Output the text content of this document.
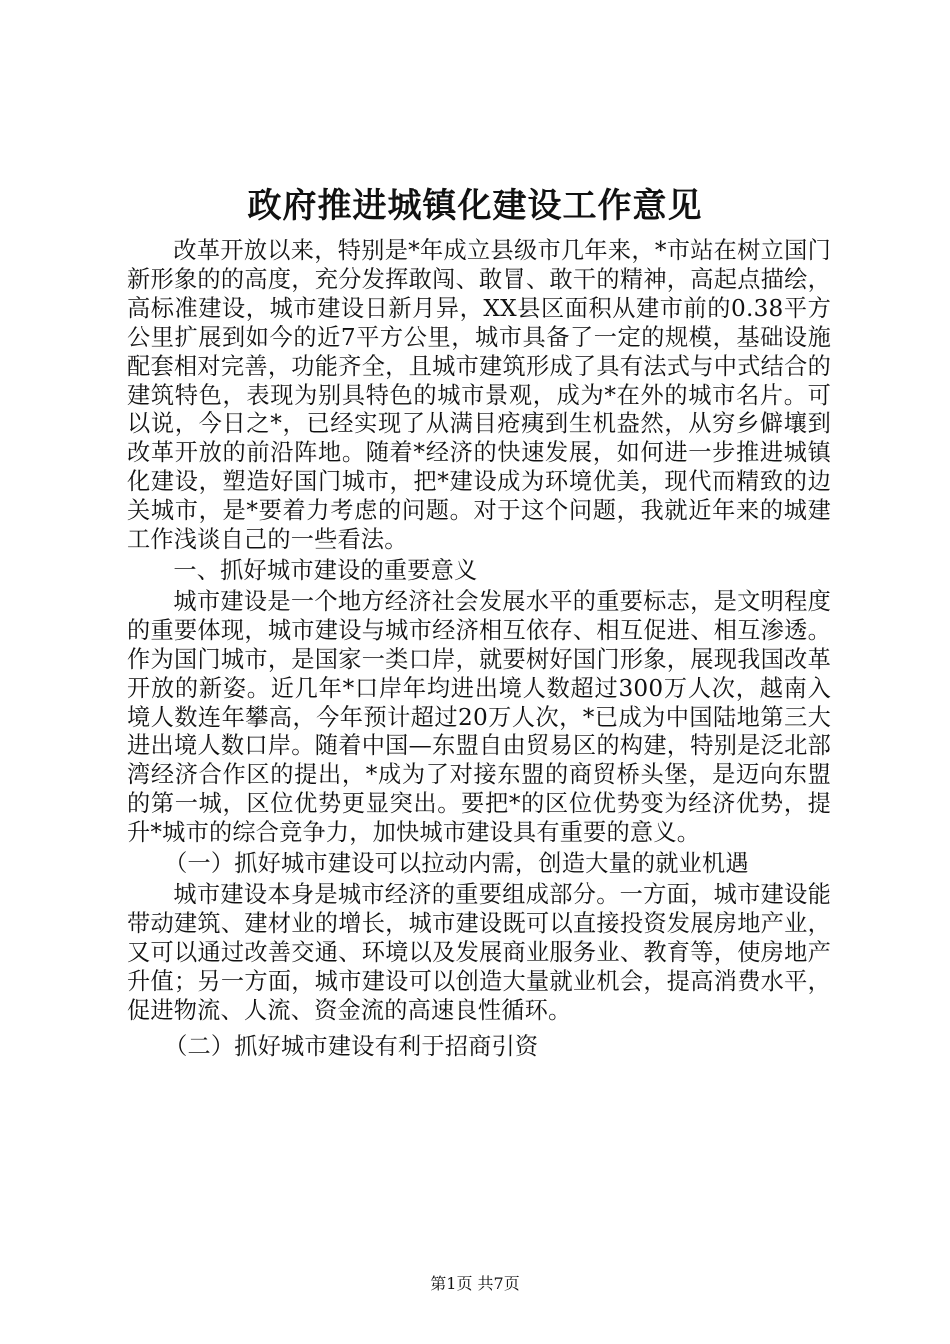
政府推进城镇化建设工作意见

改革开放以来，特别是*年成立县级市几年来，*市站在树立国门新形象的的高度，充分发挥敢闯、敢冒、敢干的精神，高起点描绘，高标准建设，城市建设日新月异，XX县区面积从建市前的0.38平方公里扩展到如今的近7平方公里，城市具备了一定的规模，基础设施配套相对完善，功能齐全，且城市建筑形成了具有法式与中式结合的建筑特色，表现为别具特色的城市景观，成为*在外的城市名片。可以说，今日之*，已经实现了从满目疮痍到生机盎然，从穷乡僻壤到改革开放的前沿阵地。随着*经济的快速发展，如何进一步推进城镇化建设，塑造好国门城市，把*建设成为环境优美，现代而精致的边关城市，是*要着力考虑的问题。对于这个问题，我就近年来的城建工作浅谈自己的一些看法。

一、抓好城市建设的重要意义

城市建设是一个地方经济社会发展水平的重要标志，是文明程度的重要体现，城市建设与城市经济相互依存、相互促进、相互渗透。作为国门城市，是国家一类口岸，就要树好国门形象，展现我国改革开放的新姿。近几年*口岸年均进出境人数超过300万人次，越南入境人数连年攀高，今年预计超过20万人次，*已成为中国陆地第三大进出境人数口岸。随着中国—东盟自由贸易区的构建，特别是泛北部湾经济合作区的提出，*成为了对接东盟的商贸桥头堡，是迈向东盟的第一城，区位优势更显突出。要把*的区位优势变为经济优势，提升*城市的综合竞争力，加快城市建设具有重要的意义。

（一）抓好城市建设可以拉动内需，创造大量的就业机遇

城市建设本身是城市经济的重要组成部分。一方面，城市建设能带动建筑、建材业的增长，城市建设既可以直接投资发展房地产业，又可以通过改善交通、环境以及发展商业服务业、教育等，使房地产升值；另一方面，城市建设可以创造大量就业机会，提高消费水平，促进物流、人流、资金流的高速良性循环。

（二）抓好城市建设有利于招商引资

第1页 共7页
